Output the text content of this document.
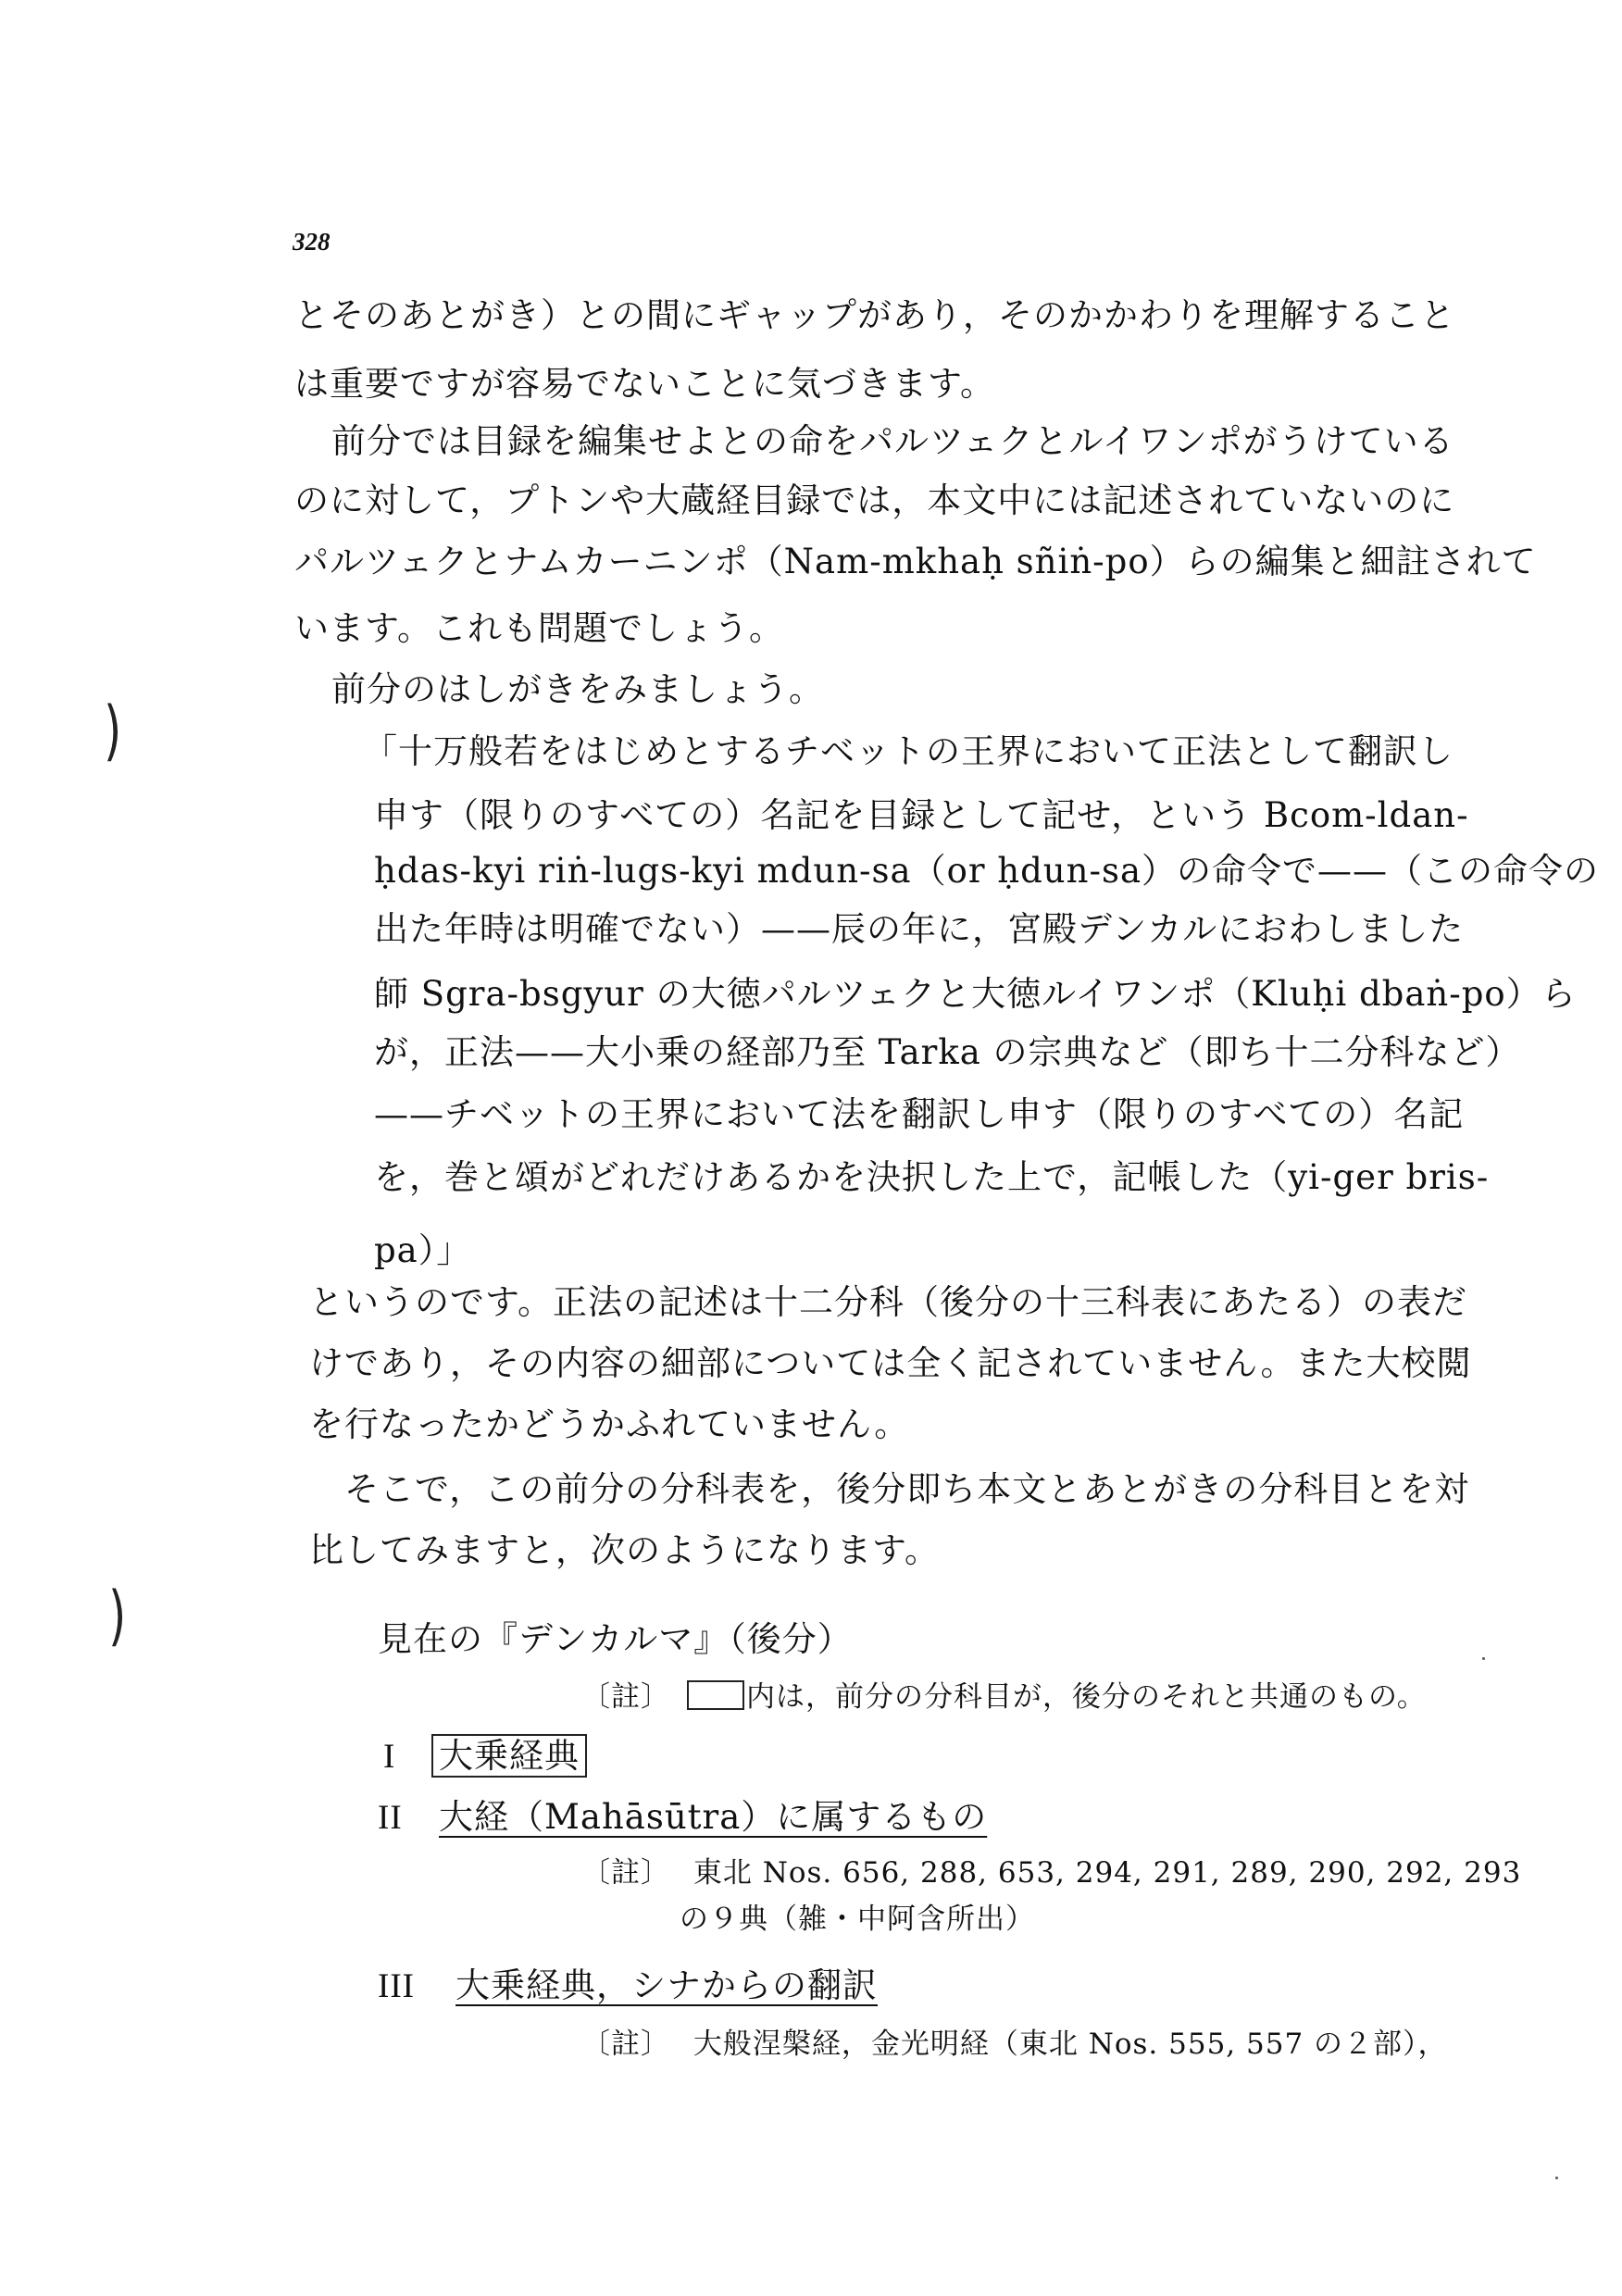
328
)
)
とそのあとがき）との間にギャップがあり，そのかかわりを理解すること
は重要ですが容易でないことに気づきます。
前分では目録を編集せよとの命をパルツェクとルイワンポがうけている
のに対して，プトンや大蔵経目録では，本文中には記述されていないのに
パルツェクとナムカーニンポ（Nam-mkhaḥ sñiṅ-po）らの編集と細註されて
います。これも問題でしょう。
前分のはしがきをみましょう。
「十万般若をはじめとするチベットの王界において正法として翻訳し
申す（限りのすべての）名記を目録として記せ，という Bcom-ldan-
ḥdas-kyi riṅ-lugs-kyi mdun-sa（or ḥdun-sa）の命令で——（この命令の
出た年時は明確でない）——辰の年に，宮殿デンカルにおわしました
師 Sgra-bsgyur の大徳パルツェクと大徳ルイワンポ（Kluḥi dbaṅ-po）ら
が，正法——大小乗の経部乃至 Tarka の宗典など（即ち十二分科など）
——チベットの王界において法を翻訳し申す（限りのすべての）名記
を，巻と頌がどれだけあるかを決択した上で，記帳した（yi-ger bris-
pa）」
というのです。正法の記述は十二分科（後分の十三科表にあたる）の表だ
けであり，その内容の細部については全く記されていません。また大校閲
を行なったかどうかふれていません。
そこで，この前分の分科表を，後分即ち本文とあとがきの分科目とを対
比してみますと，次のようになります。
見在の『デンカルマ』（後分）
〔註〕	内は，前分の分科目が，後分のそれと共通のもの。
I 大乗経典
II 大経（Mahāsūtra）に属するもの
〔註〕 東北 Nos. 656, 288, 653, 294, 291, 289, 290, 292, 293
の９典（雑・中阿含所出）
III 大乗経典，シナからの翻訳
〔註〕 大般涅槃経，金光明経（東北 Nos. 555, 557 の２部），
